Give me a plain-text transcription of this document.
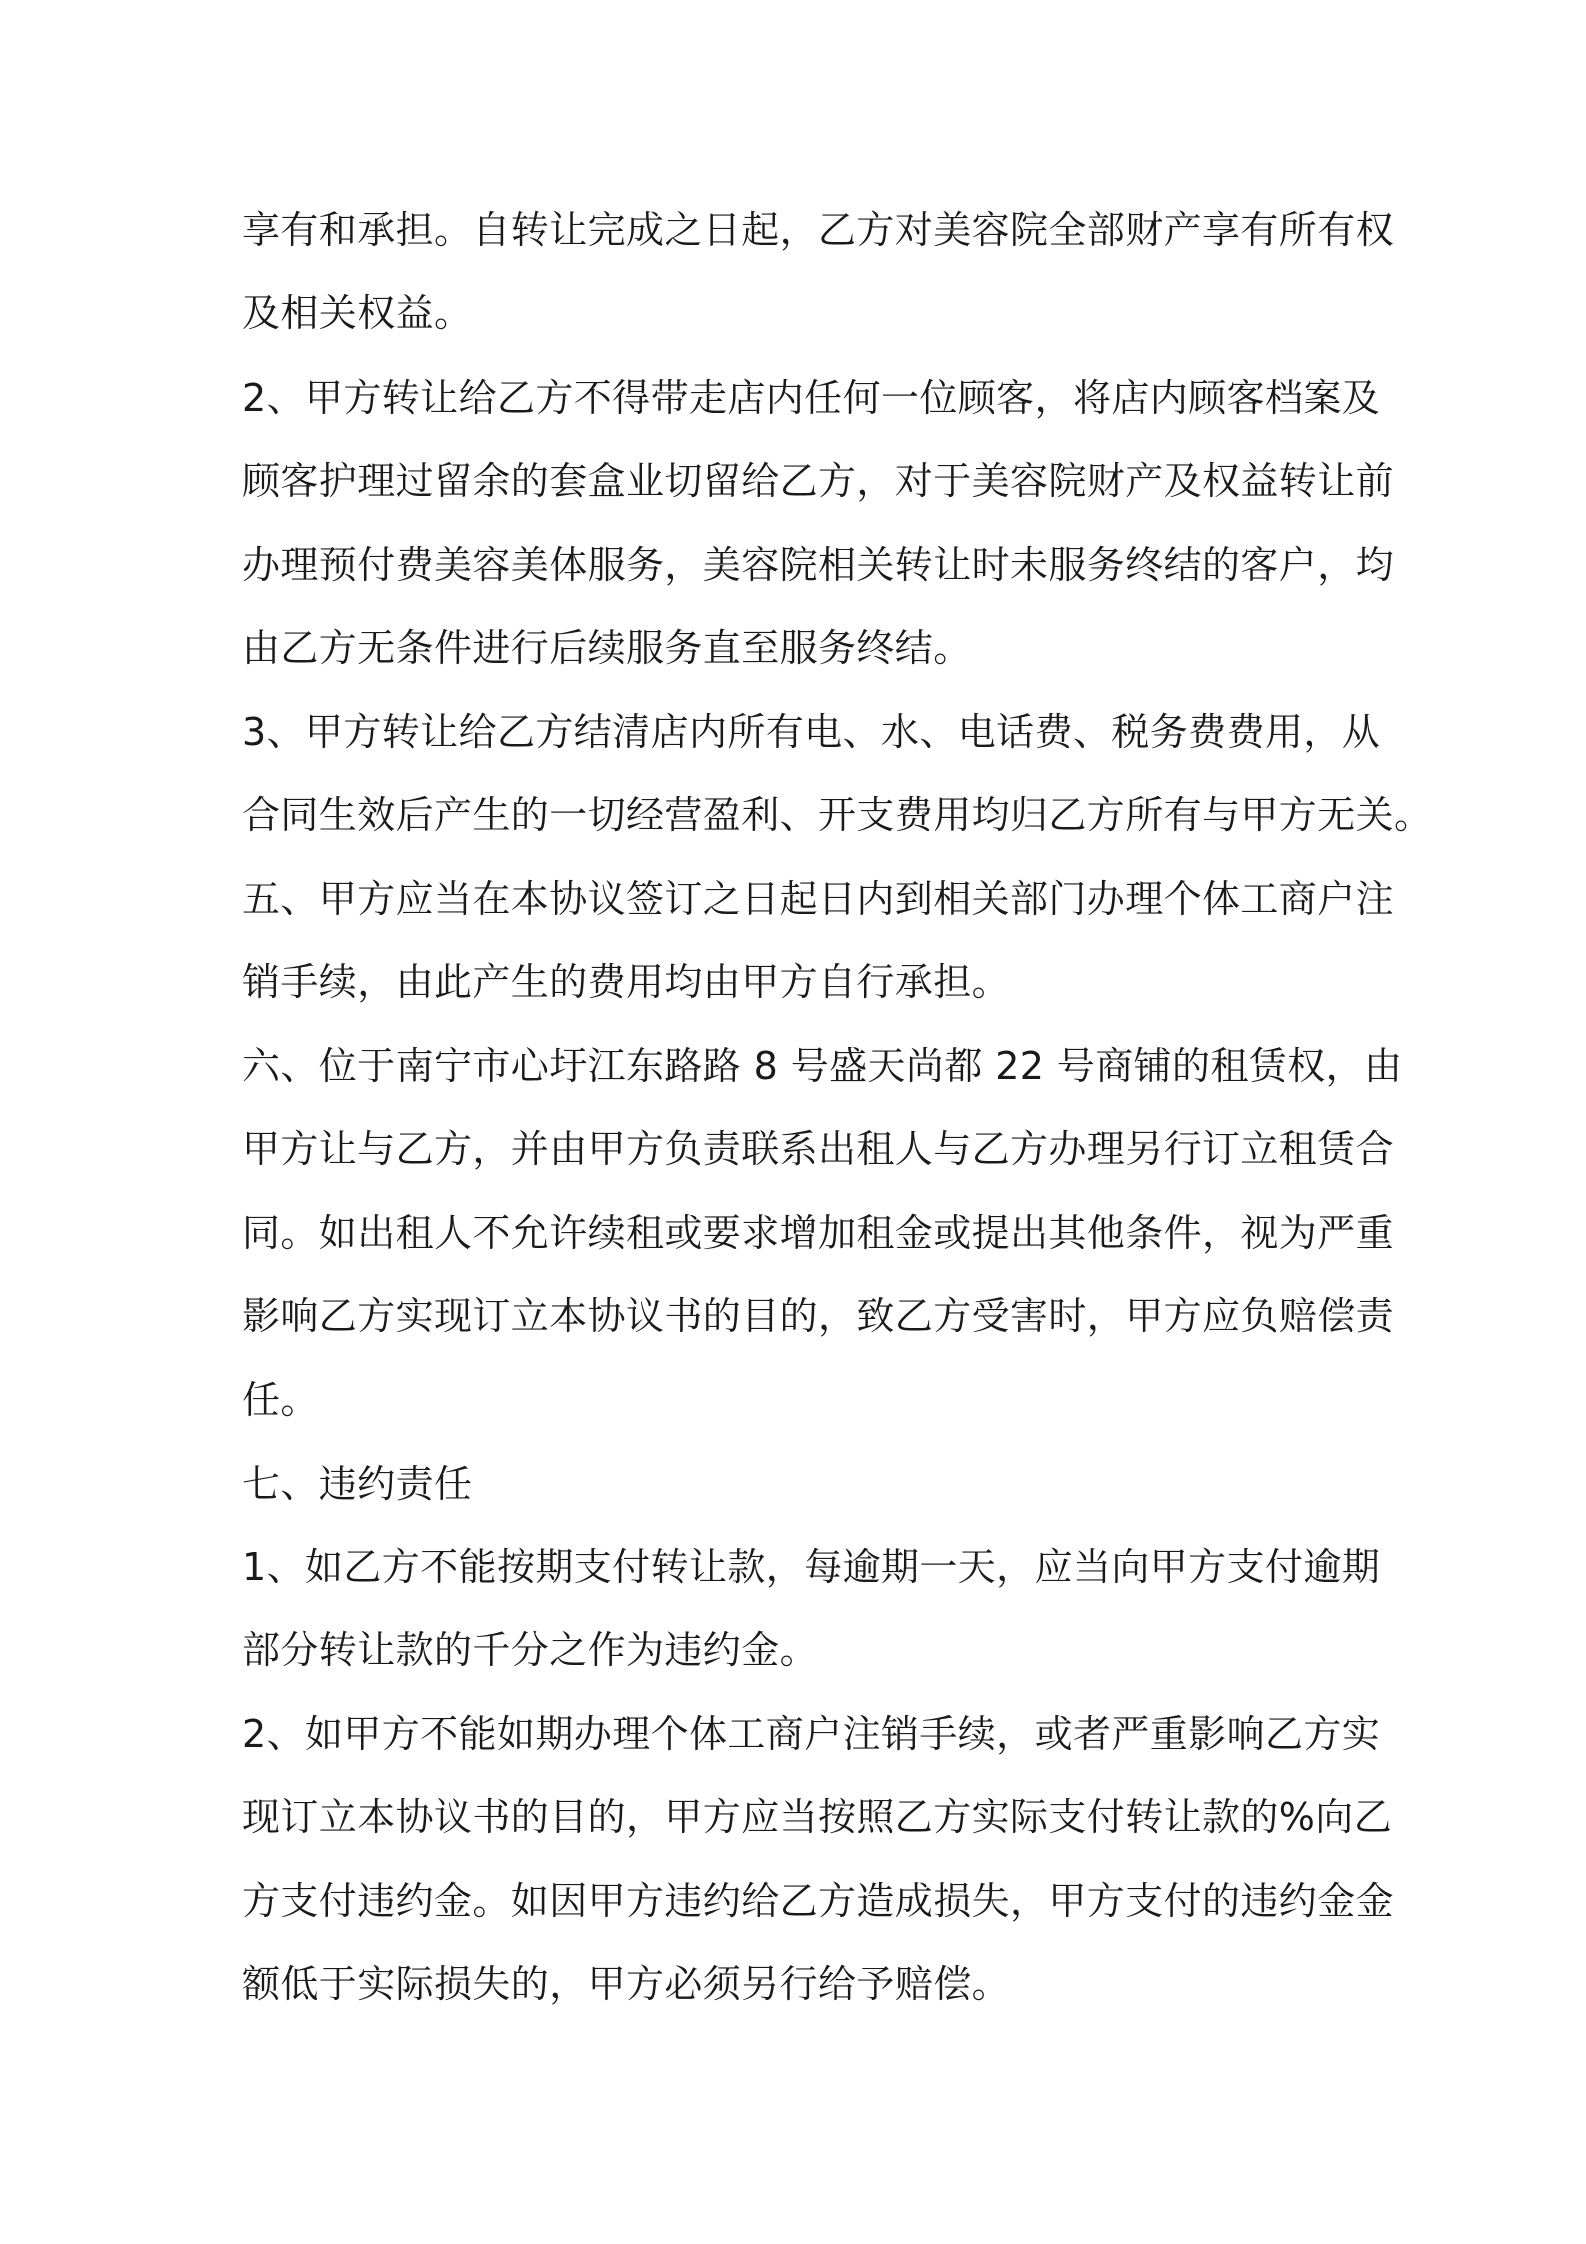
享有和承担。自转让完成之日起，乙方对美容院全部财产享有所有权
及相关权益。
2、甲方转让给乙方不得带走店内任何一位顾客，将店内顾客档案及
顾客护理过留余的套盒业切留给乙方，对于美容院财产及权益转让前
办理预付费美容美体服务，美容院相关转让时未服务终结的客户，均
由乙方无条件进行后续服务直至服务终结。
3、甲方转让给乙方结清店内所有电、水、电话费、税务费费用，从
合同生效后产生的一切经营盈利、开支费用均归乙方所有与甲方无关。
五、甲方应当在本协议签订之日起日内到相关部门办理个体工商户注
销手续，由此产生的费用均由甲方自行承担。
六、位于南宁市心圩江东路路 8 号盛天尚都 22 号商铺的租赁权，由
甲方让与乙方，并由甲方负责联系出租人与乙方办理另行订立租赁合
同。如出租人不允许续租或要求增加租金或提出其他条件，视为严重
影响乙方实现订立本协议书的目的，致乙方受害时，甲方应负赔偿责
任。
七、违约责任
1、如乙方不能按期支付转让款，每逾期一天，应当向甲方支付逾期
部分转让款的千分之作为违约金。
2、如甲方不能如期办理个体工商户注销手续，或者严重影响乙方实
现订立本协议书的目的，甲方应当按照乙方实际支付转让款的%向乙
方支付违约金。如因甲方违约给乙方造成损失，甲方支付的违约金金
额低于实际损失的，甲方必须另行给予赔偿。
